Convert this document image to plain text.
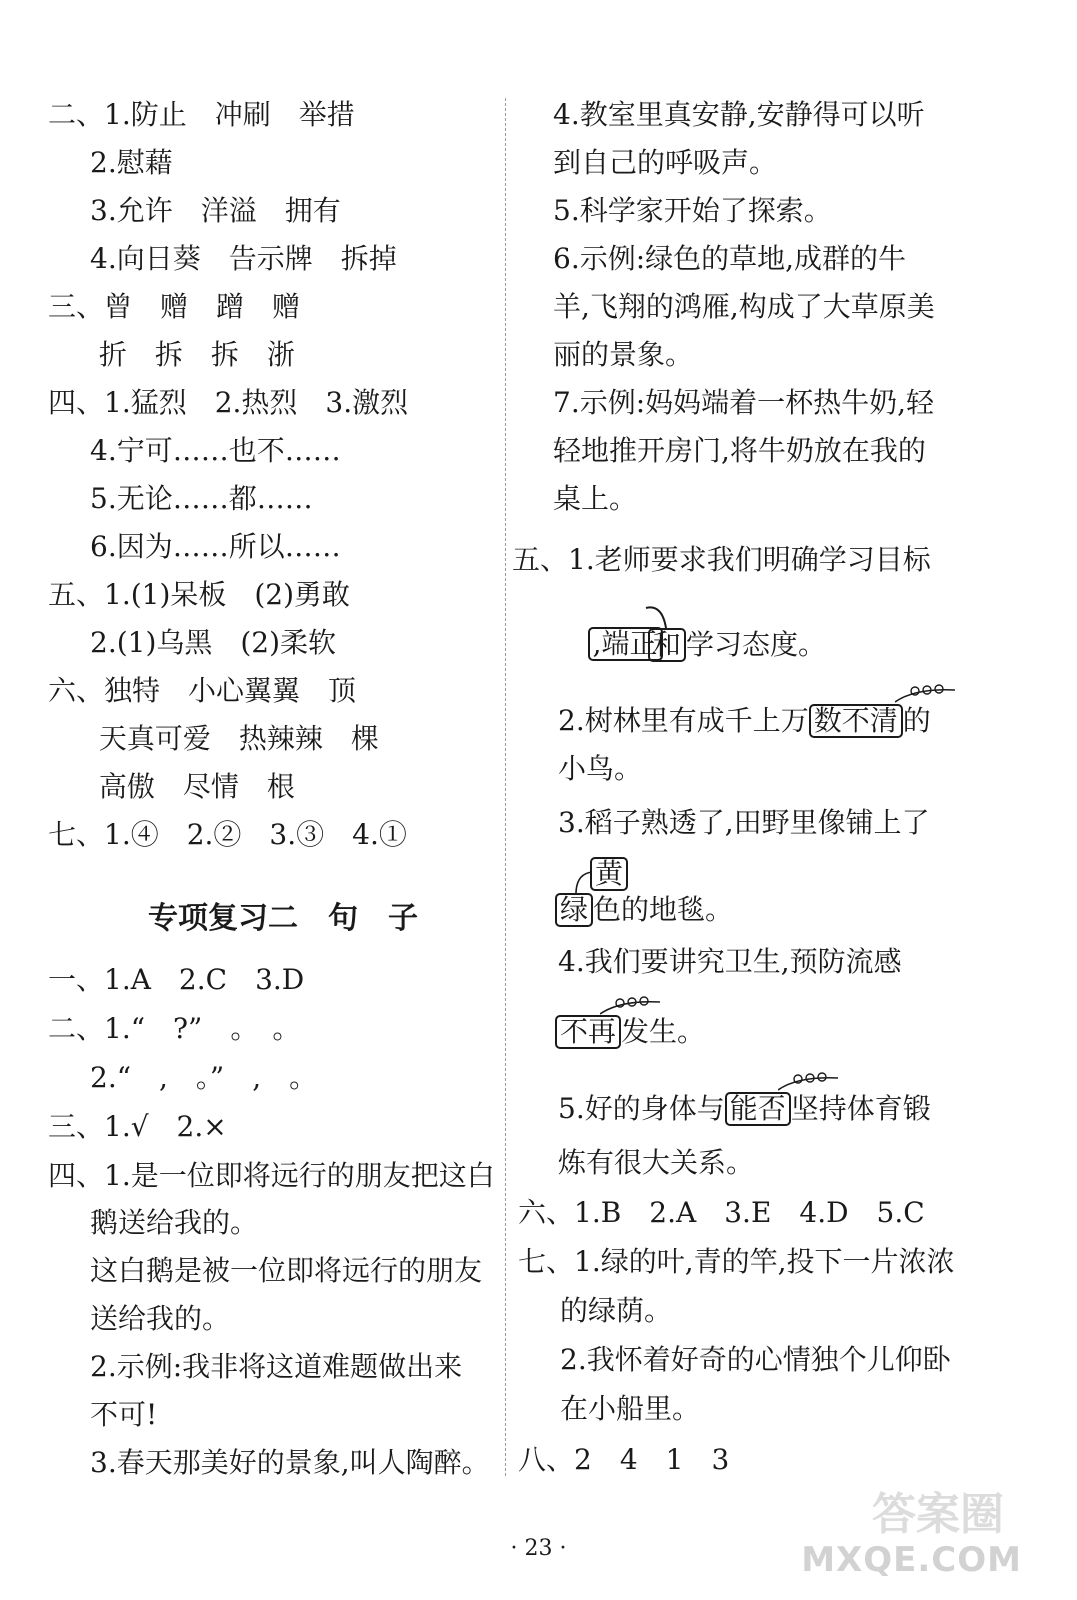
二、1.防止　冲刷　举措
　2.慰藉
　3.允许　洋溢　拥有
　4.向日葵　告示牌　拆掉
三、曾　赠　蹭　赠
　 折　拆　拆　浙
四、1.猛烈　2.热烈　3.激烈
　4.宁可……也不……
　5.无论……都……
　6.因为……所以……
五、1.(1)呆板　(2)勇敢
　2.(1)乌黑　(2)柔软
六、独特　小心翼翼　顶
　 天真可爱　热辣辣　棵
　 高傲　尽情　根
七、1.④　2.②　3.③　4.①
专项复习二　句　子
一、1.A　2.C　3.D
二、1.“　?”　。　。
　2.“　,　。”　,　。
三、1.√　2.×
四、1.是一位即将远行的朋友把这白
　鹅送给我的。
　这白鹅是被一位即将远行的朋友
　送给我的。
　2.示例:我非将这道难题做出来
　不可!
　3.春天那美好的景象,叫人陶醉。
　4.教室里真安静,安静得可以听
　到自己的呼吸声。
　5.科学家开始了探索。
　6.示例:绿色的草地,成群的牛
　羊,飞翔的鸿雁,构成了大草原美
　丽的景象。
　7.示例:妈妈端着一杯热牛奶,轻
　轻地推开房门,将牛奶放在我的
　桌上。
五、1.老师要求我们明确学习目标

,端正

和 学习态度。
2.树林里有成千上万 数不清 的
小鸟。
3.稻子熟透了,田野里像铺上了
黄
绿 色的地毯。
4.我们要讲究卫生,预防流感
不再 发生。
5.好的身体与 能否 坚持体育锻
炼有很大关系。
六、1.B　2.A　3.E　4.D　5.C
七、1.绿的叶,青的竿,投下一片浓浓
　的绿荫。
　2.我怀着好奇的心情独个儿仰卧
　在小船里。
八、2　4　1　3
· 23 ·
答案圈
MXQE.COM
